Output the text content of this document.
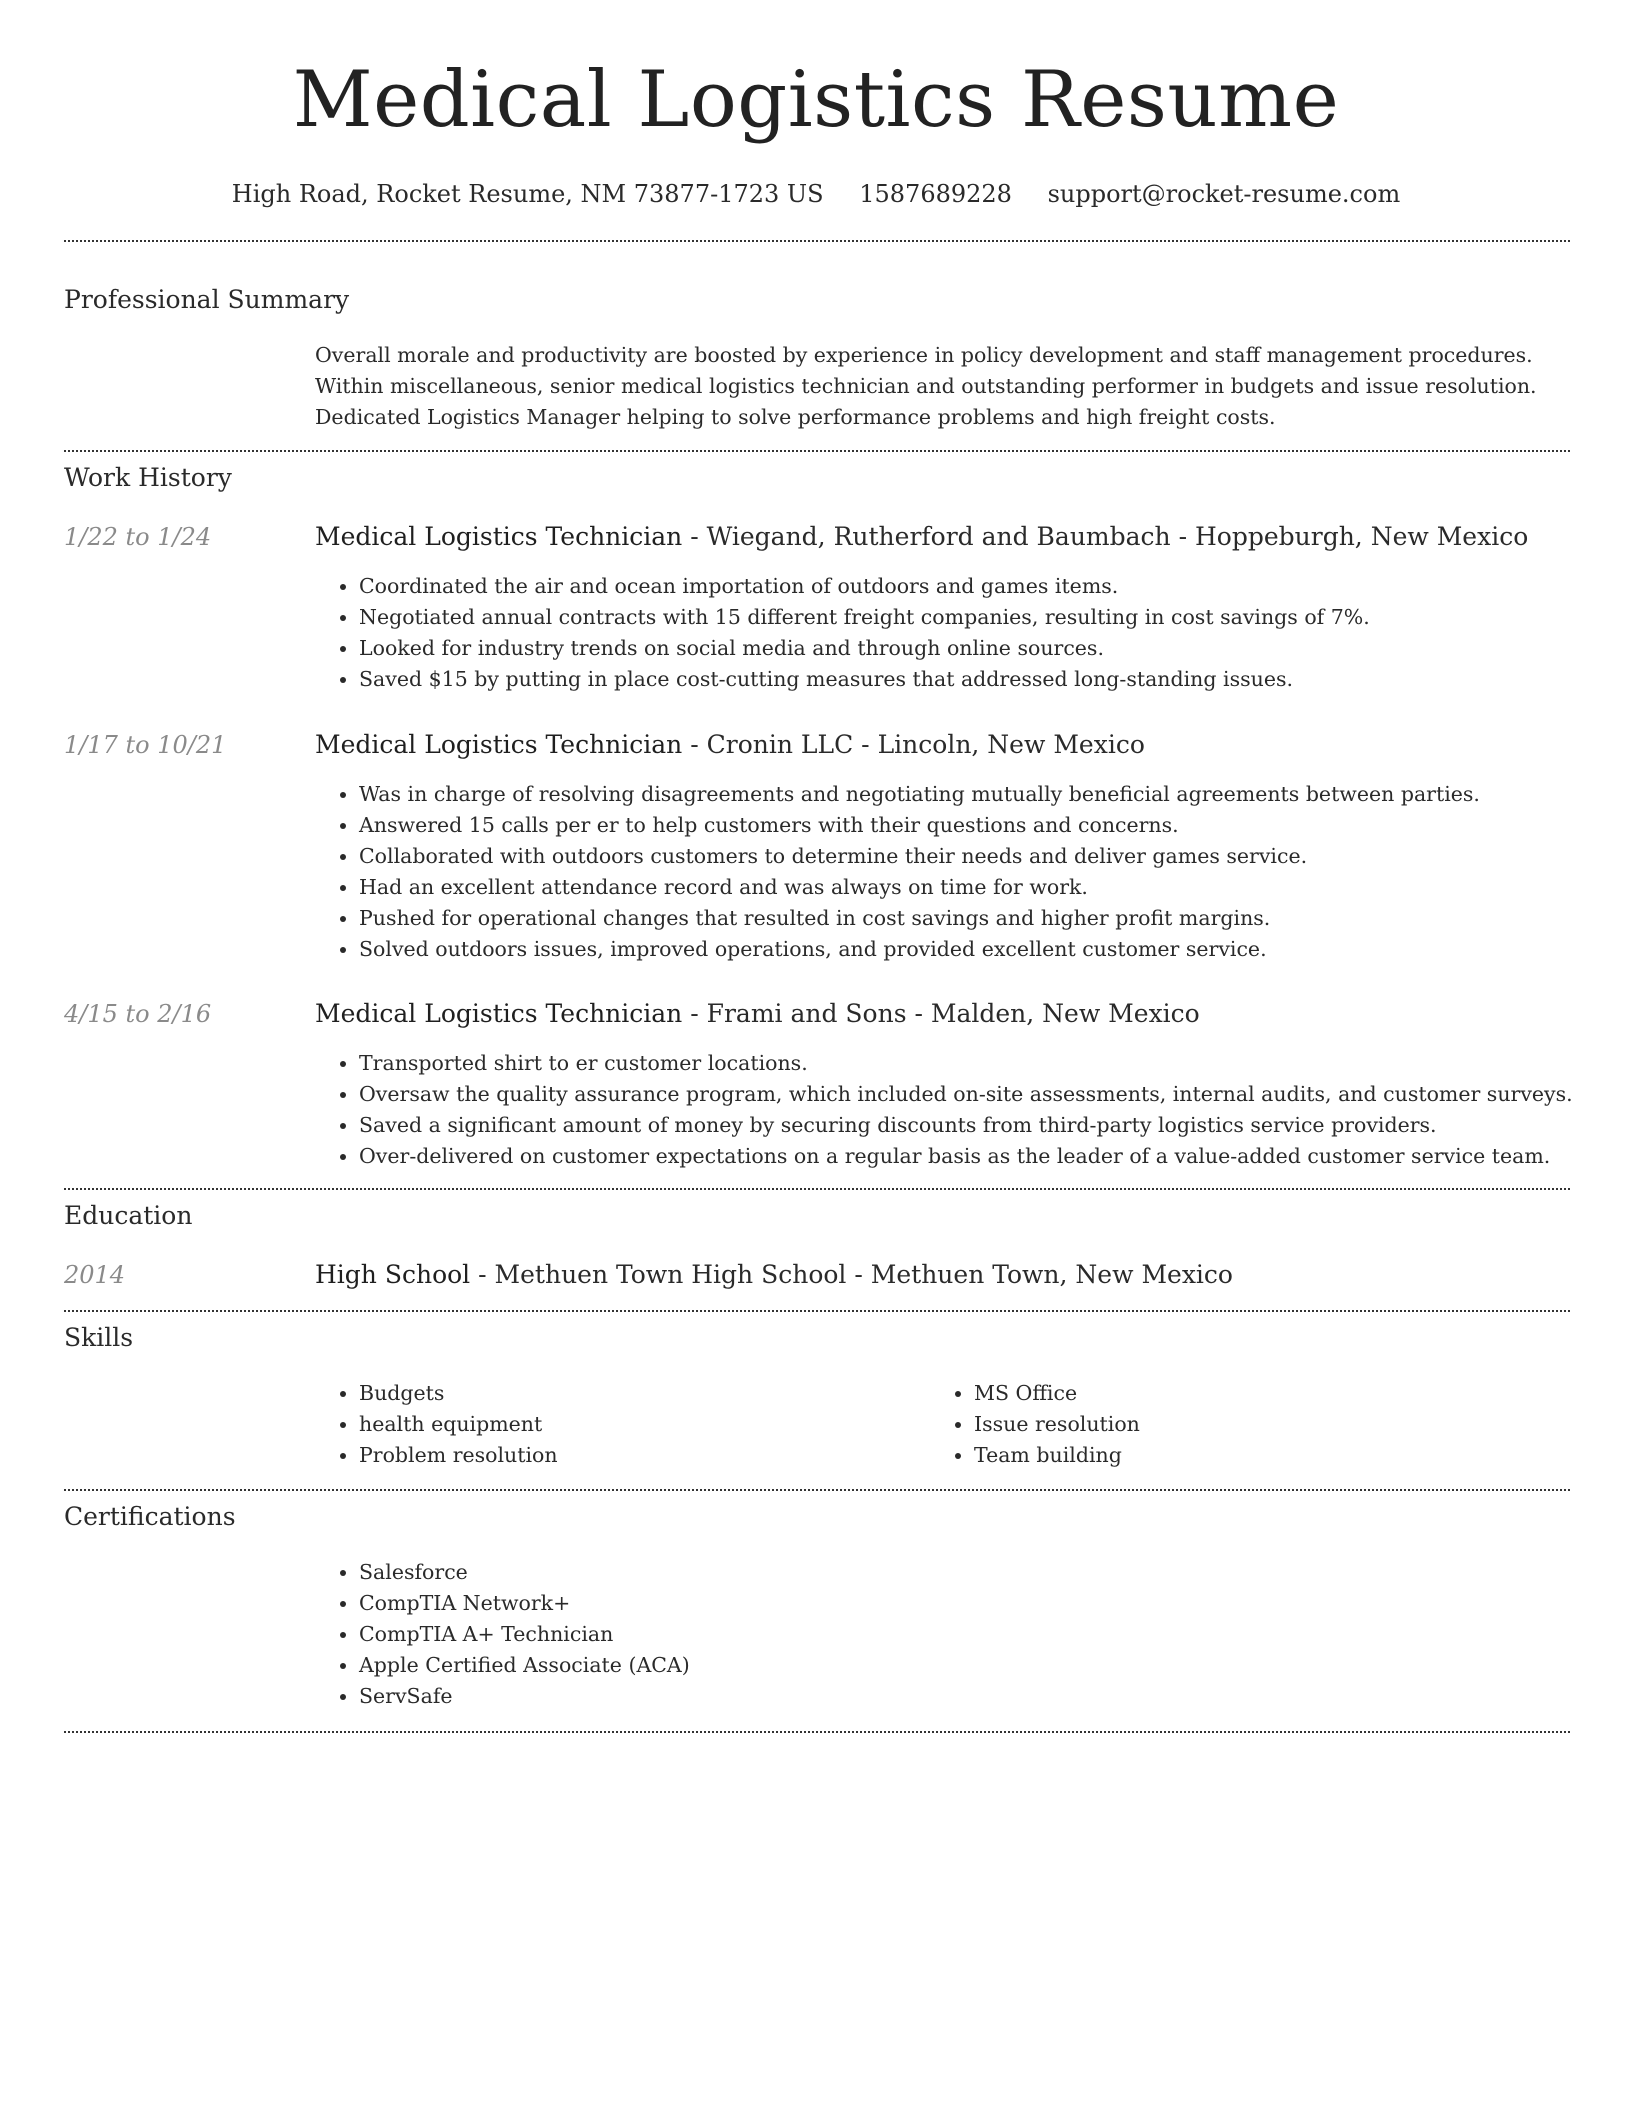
Medical Logistics Resume
High Road, Rocket Resume, NM 73877-1723 US 1587689228 support@rocket-resume.com
Professional Summary
Overall morale and productivity are boosted by experience in policy development and staff management procedures. Within miscellaneous, senior medical logistics technician and outstanding performer in budgets and issue resolution. Dedicated Logistics Manager helping to solve performance problems and high freight costs.
Work History
1/22 to 1/24	Medical Logistics Technician - Wiegand, Rutherford and Baumbach - Hoppeburgh, New Mexico
• Coordinated the air and ocean importation of outdoors and games items.
• Negotiated annual contracts with 15 different freight companies, resulting in cost savings of 7%.
• Looked for industry trends on social media and through online sources.
• Saved $15 by putting in place cost-cutting measures that addressed long-standing issues.
1/17 to 10/21	Medical Logistics Technician - Cronin LLC - Lincoln, New Mexico
• Was in charge of resolving disagreements and negotiating mutually beneficial agreements between parties.
• Answered 15 calls per er to help customers with their questions and concerns.
• Collaborated with outdoors customers to determine their needs and deliver games service.
• Had an excellent attendance record and was always on time for work.
• Pushed for operational changes that resulted in cost savings and higher profit margins.
• Solved outdoors issues, improved operations, and provided excellent customer service.
4/15 to 2/16	Medical Logistics Technician - Frami and Sons - Malden, New Mexico
• Transported shirt to er customer locations.
• Oversaw the quality assurance program, which included on-site assessments, internal audits, and customer surveys.
• Saved a significant amount of money by securing discounts from third-party logistics service providers.
• Over-delivered on customer expectations on a regular basis as the leader of a value-added customer service team.
Education
2014	High School - Methuen Town High School - Methuen Town, New Mexico
Skills
• Budgets
• health equipment
• Problem resolution
• MS Office
• Issue resolution
• Team building
Certifications
• Salesforce
• CompTIA Network+
• CompTIA A+ Technician
• Apple Certified Associate (ACA)
• ServSafe
